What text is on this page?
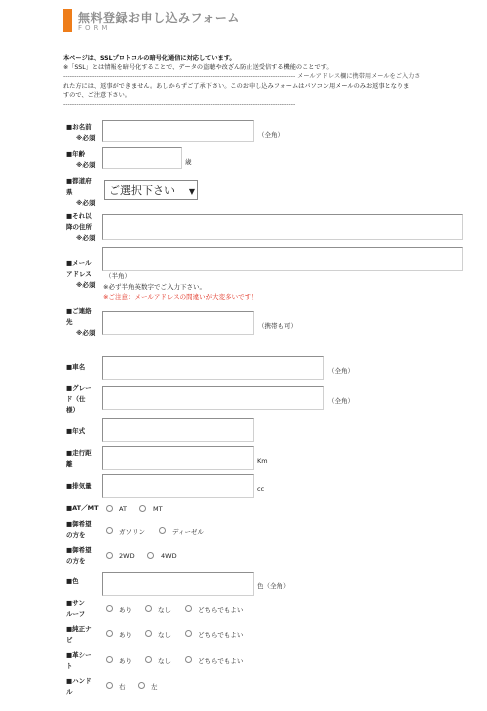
無料登録お申し込みフォーム
FORM

本ページは、SSLプロトコルの暗号化通信に対応しています。

※「SSL」とは情報を暗号化することで、データの盗聴や改ざん防止送受信する機能のことです。

-------------------------------------------------------------------------------------------------------- メールアドレス欄に携帯用メールをご入力さ

れた方には、返事ができません。あしからずご了承下さい。このお申し込みフォームはパソコン用メールのみお返事となりま

すので、ご注意下さい。

--------------------------------------------------------------------------------------------------------

■お名前
※必須	（全角）
■年齢
※必須	歳
■都道府
県
※必須
ご選択下さい ▼
■それ以
降の住所
※必須
■メール
アドレス
※必須
（半角）
※必ず半角英数字でご入力下さい。
※ご注意：メールアドレスの間違いが大変多いです！
■ご連絡
先
※必須
（携帯も可）
■車名	（全角）
■グレー
ド（仕
様）
（全角）
■年式
■走行距
離	Km
■排気量	cc
■AT／MT	AT	MT
■御希望
の方を	ガソリン	ディーゼル
■御希望
の方を
2WD	4WD
■色
色（全角）
■サン
ルーフ	あり	なし	どちらでもよい
■純正ナ
ビ
あり	なし	どちらでもよい
■革シー
ト
あり	なし	どちらでもよい
■ハンド
ル
右	左
